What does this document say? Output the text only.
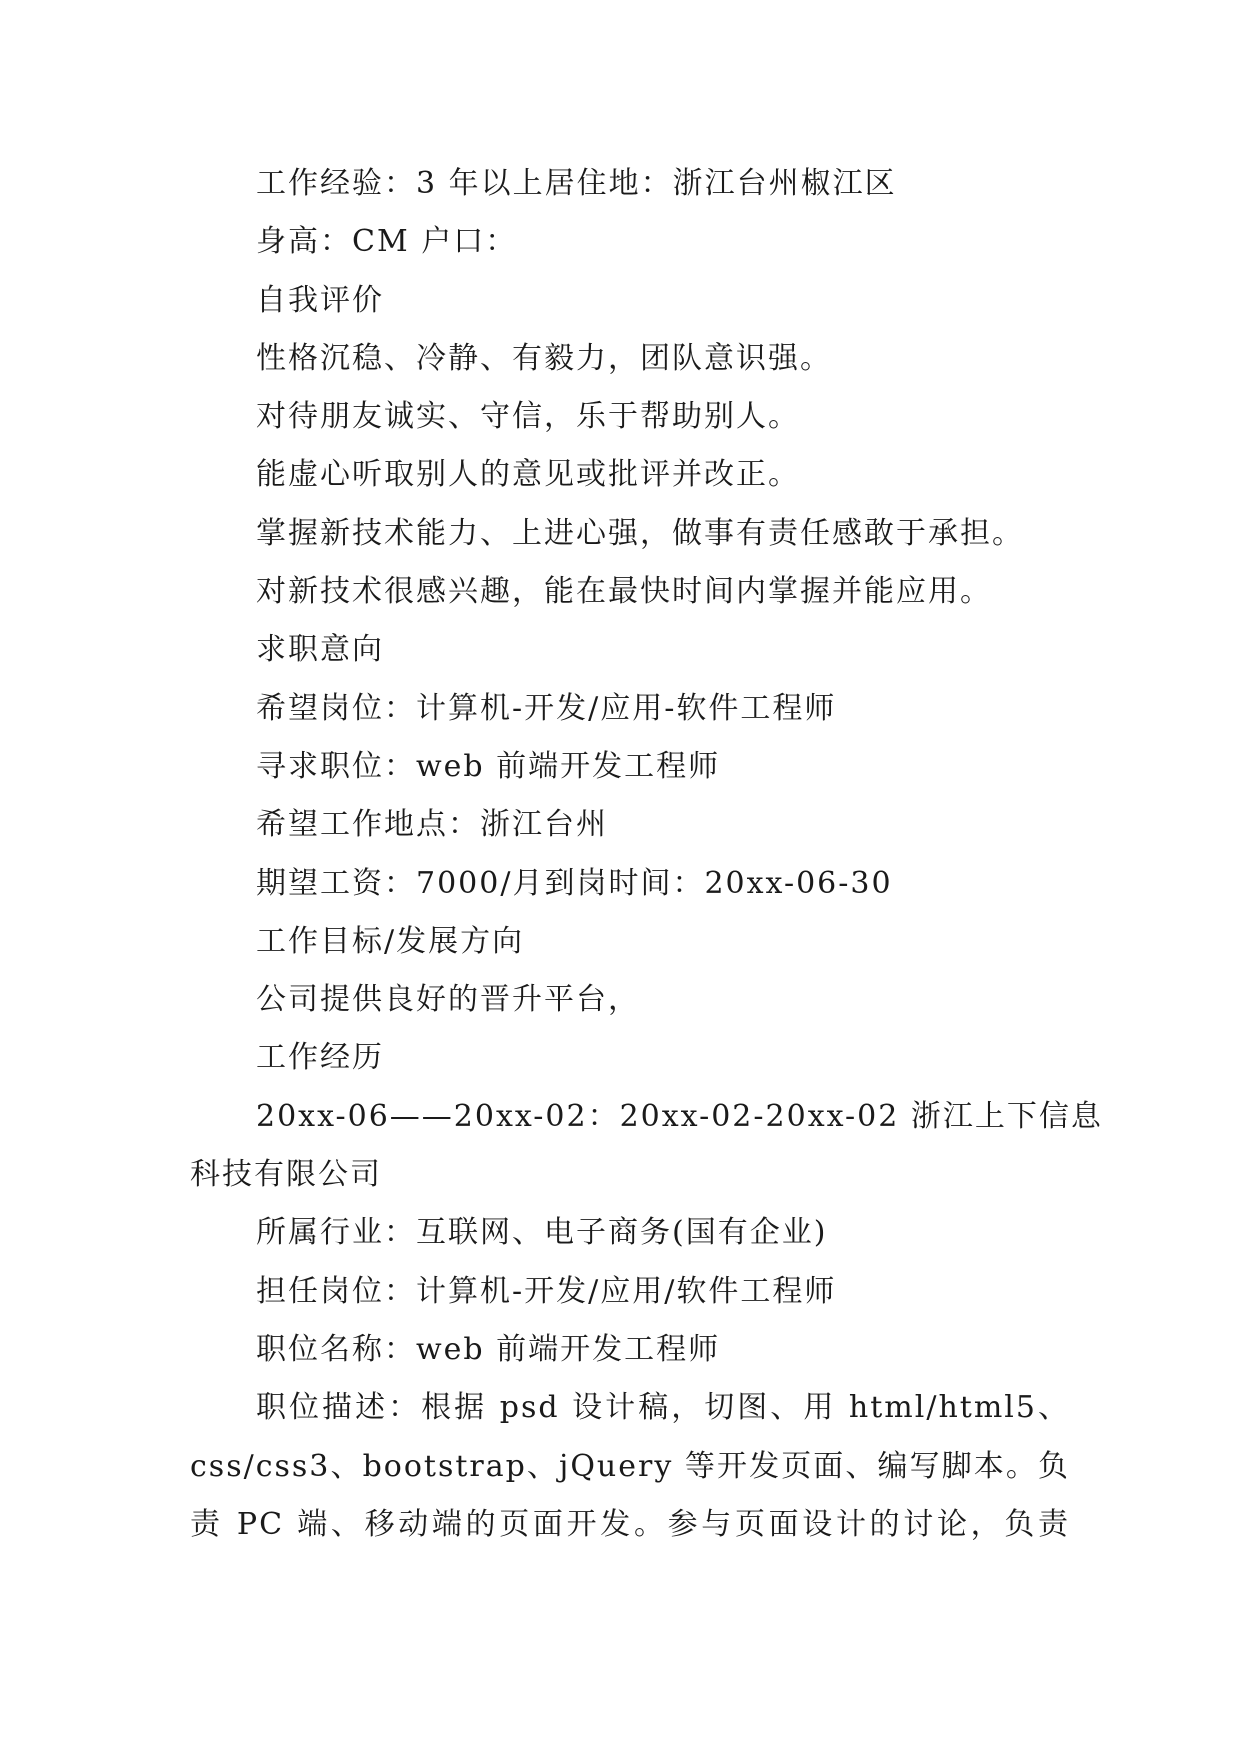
工作经验：3 年以上居住地：浙江台州椒江区
身高：CM 户口：
自我评价
性格沉稳、冷静、有毅力，团队意识强。
对待朋友诚实、守信，乐于帮助别人。
能虚心听取别人的意见或批评并改正。
掌握新技术能力、上进心强，做事有责任感敢于承担。
对新技术很感兴趣，能在最快时间内掌握并能应用。
求职意向
希望岗位：计算机-开发/应用-软件工程师
寻求职位：web 前端开发工程师
希望工作地点：浙江台州
期望工资：7000/月到岗时间：20xx-06-30
工作目标/发展方向
公司提供良好的晋升平台，
工作经历
20xx-06——20xx-02：20xx-02-20xx-02 浙江上下信息
科技有限公司
所属行业：互联网、电子商务(国有企业)
担任岗位：计算机-开发/应用/软件工程师
职位名称：web 前端开发工程师
职位描述：根据 psd 设计稿，切图、用 html/html5、
css/css3、bootstrap、jQuery 等开发页面、编写脚本。负
责 PC 端、移动端的页面开发。参与页面设计的讨论，负责
